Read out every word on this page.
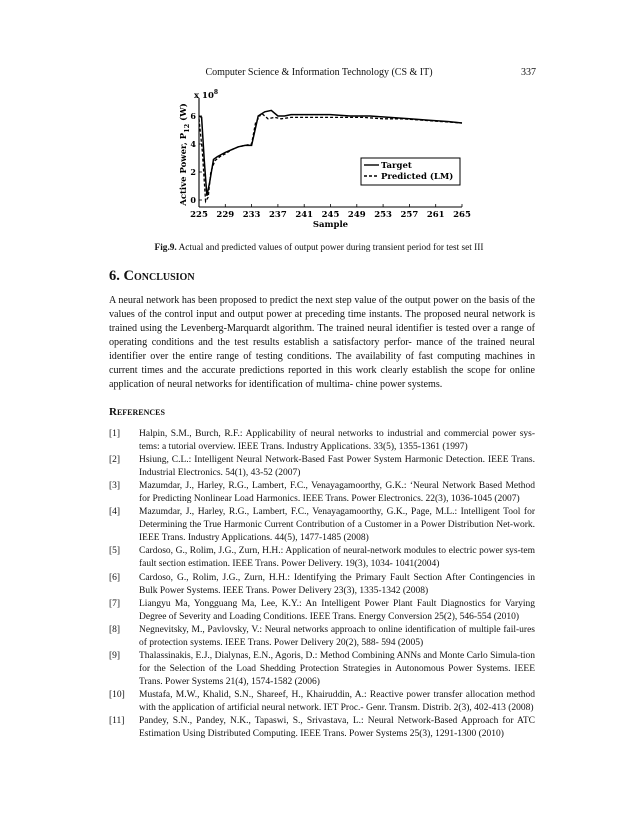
Computer Science & Information Technology (CS & IT)	337
225 229 233 237 241 245 249 253 257 261 265
0
2
4
6
Target
Predicted (LM)
x $10^8$
Active Power, $P_{12}$ (W)
Sample
Fig.9. Actual and predicted values of output power during transient period for test set III
6. Conclusion

A neural network has been proposed to predict the next step value of the output power on the basis of the values of the control input and output power at preceding time instants. The proposed neural network is trained using the Levenberg-Marquardt algorithm. The trained neural identifier is tested over a range of operating conditions and the test results establish a satisfactory perfor- mance of the trained neural identifier over the entire range of testing conditions. The availability of fast computing machines in current times and the accurate predictions reported in this work clearly establish the scope for online application of neural networks for identification of multima- chine power systems.

References
[1] Halpin, S.M., Burch, R.F.: Applicability of neural networks to industrial and commercial power sys-tems: a tutorial overview. IEEE Trans. Industry Applications. 33(5), 1355-1361 (1997)
[2] Hsiung, C.L.: Intelligent Neural Network-Based Fast Power System Harmonic Detection. IEEE Trans. Industrial Electronics. 54(1), 43-52 (2007)
[3] Mazumdar, J., Harley, R.G., Lambert, F.C., Venayagamoorthy, G.K.: ‘Neural Network Based Method for Predicting Nonlinear Load Harmonics. IEEE Trans. Power Electronics. 22(3), 1036-1045 (2007)
[4] Mazumdar, J., Harley, R.G., Lambert, F.C., Venayagamoorthy, G.K., Page, M.L.: Intelligent Tool for Determining the True Harmonic Current Contribution of a Customer in a Power Distribution Net-work. IEEE Trans. Industry Applications. 44(5), 1477-1485 (2008)
[5] Cardoso, G., Rolim, J.G., Zurn, H.H.: Application of neural-network modules to electric power sys-tem fault section estimation. IEEE Trans. Power Delivery. 19(3), 1034- 1041(2004)
[6] Cardoso, G., Rolim, J.G., Zurn, H.H.: Identifying the Primary Fault Section After Contingencies in Bulk Power Systems. IEEE Trans. Power Delivery 23(3), 1335-1342 (2008)
[7] Liangyu Ma, Yongguang Ma, Lee, K.Y.: An Intelligent Power Plant Fault Diagnostics for Varying Degree of Severity and Loading Conditions. IEEE Trans. Energy Conversion 25(2), 546-554 (2010)
[8] Negnevitsky, M., Pavlovsky, V.: Neural networks approach to online identification of multiple fail-ures of protection systems. IEEE Trans. Power Delivery 20(2), 588- 594 (2005)
[9] Thalassinakis, E.J., Dialynas, E.N., Agoris, D.: Method Combining ANNs and Monte Carlo Simula-tion for the Selection of the Load Shedding Protection Strategies in Autonomous Power Systems. IEEE Trans. Power Systems 21(4), 1574-1582 (2006)
[10] Mustafa, M.W., Khalid, S.N., Shareef, H., Khairuddin, A.: Reactive power transfer allocation method with the application of artificial neural network. IET Proc.- Genr. Transm. Distrib. 2(3), 402-413 (2008)
[11] Pandey, S.N., Pandey, N.K., Tapaswi, S., Srivastava, L.: Neural Network-Based Approach for ATC Estimation Using Distributed Computing. IEEE Trans. Power Systems 25(3), 1291-1300 (2010)
